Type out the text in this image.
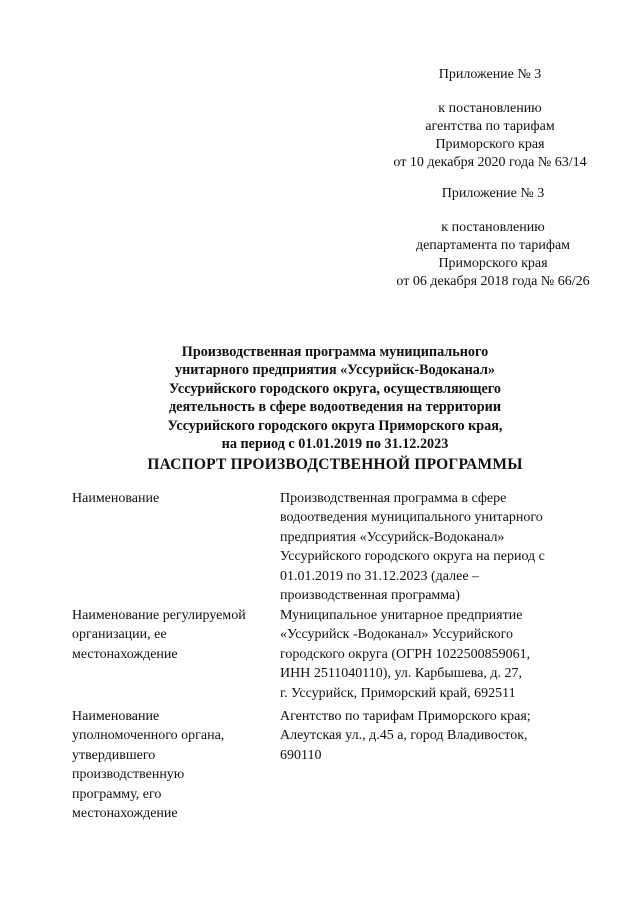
Приложение № 3
к постановлению
агентства по тарифам
Приморского края
от 10 декабря 2020 года № 63/14
Приложение № 3
к постановлению
департамента по тарифам
Приморского края
от 06 декабря 2018 года № 66/26
Производственная программа муниципального
унитарного предприятия «Уссурийск-Водоканал»
Уссурийского городского округа, осуществляющего
деятельность в сфере водоотведения на территории
Уссурийского городского округа Приморского края,
на период с 01.01.2019 по 31.12.2023
ПАСПОРТ ПРОИЗВОДСТВЕННОЙ ПРОГРАММЫ
Наименование	Производственная программа в сфере
водоотведения муниципального унитарного
предприятия «Уссурийск-Водоканал»
Уссурийского городского округа на период с
01.01.2019 по 31.12.2023 (далее –
производственная программа)
Наименование регулируемой
организации, ее
местонахождение
Муниципальное унитарное предприятие
«Уссурийск -Водоканал» Уссурийского
городского округа (ОГРН 1022500859061,
ИНН 2511040110), ул. Карбышева, д. 27,
г. Уссурийск, Приморский край, 692511
Наименование
уполномоченного органа,
утвердившего
производственную
программу, его
местонахождение
Агентство по тарифам Приморского края;
Алеутская ул., д.45 а, город Владивосток,
690110
